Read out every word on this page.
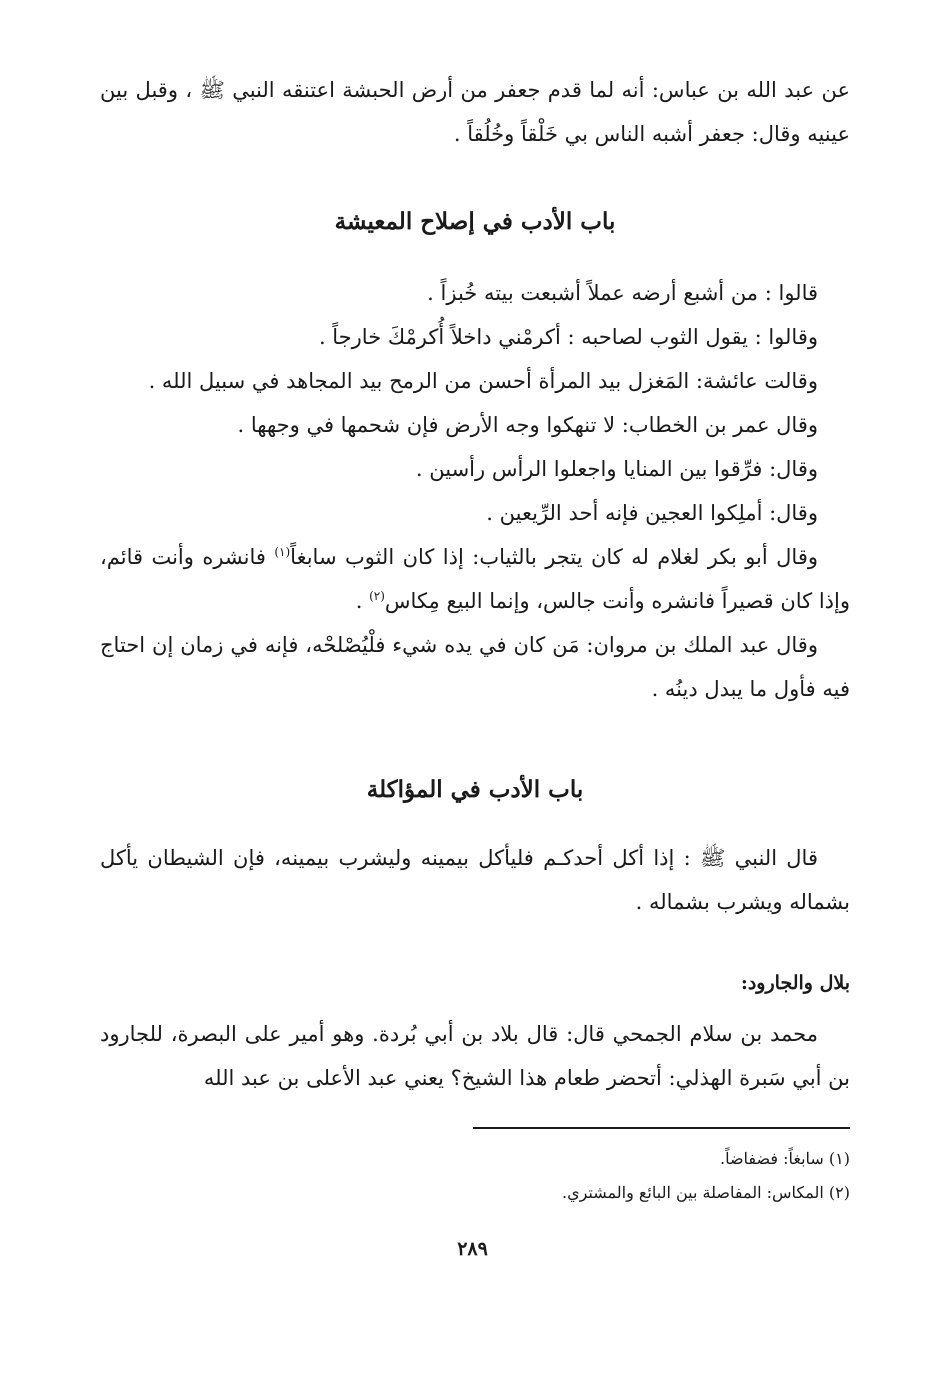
عن عبد الله بن عباس: أنه لما قدم جعفر من أرض الحبشة اعتنقه النبي ﷺ ، وقبل بين عينيه وقال: جعفر أشبه الناس بي خَلْقاً وخُلُقاً .

باب الأدب في إصلاح المعيشة

قالوا : من أشبع أرضه عملاً أشبعت بيته خُبزاً .

وقالوا : يقول الثوب لصاحبه : أكرمْني داخلاً أُكرمْكَ خارجاً .

وقالت عائشة: المَغزل بيد المرأة أحسن من الرمح بيد المجاهد في سبيل الله .

وقال عمر بن الخطاب: لا تنهكوا وجه الأرض فإن شحمها في وجهها .

وقال: فرِّقوا بين المنايا واجعلوا الرأس رأسين .

وقال: أملِكوا العجين فإنه أحد الرِّيعين .

وقال أبو بكر لغلام له كان يتجر بالثياب: إذا كان الثوب سابغاً$^{(١)}$ فانشره وأنت قائم، وإذا كان قصيراً فانشره وأنت جالس، وإنما البيع مِكاس$^{(٢)}$ .

وقال عبد الملك بن مروان: مَن كان في يده شيء فلْيُصْلحْه، فإنه في زمان إن احتاج فيه فأول ما يبدل دينُه .

باب الأدب في المؤاكلة

قال النبي ﷺ : إذا أكل أحدكـم فليأكل بيمينه وليشرب بيمينه، فإن الشيطان يأكل بشماله ويشرب بشماله .

بلال والجارود:

محمد بن سلام الجمحي قال: قال بلاد بن أبي بُردة. وهو أمير على البصرة، للجارود بن أبي سَبرة الهذلي: أتحضر طعام هذا الشيخ؟ يعني عبد الأعلى بن عبد الله

(١) سابغاً: فضفاضاً.

(٢) المكاس: المفاصلة بين البائع والمشتري.

٢٨٩
